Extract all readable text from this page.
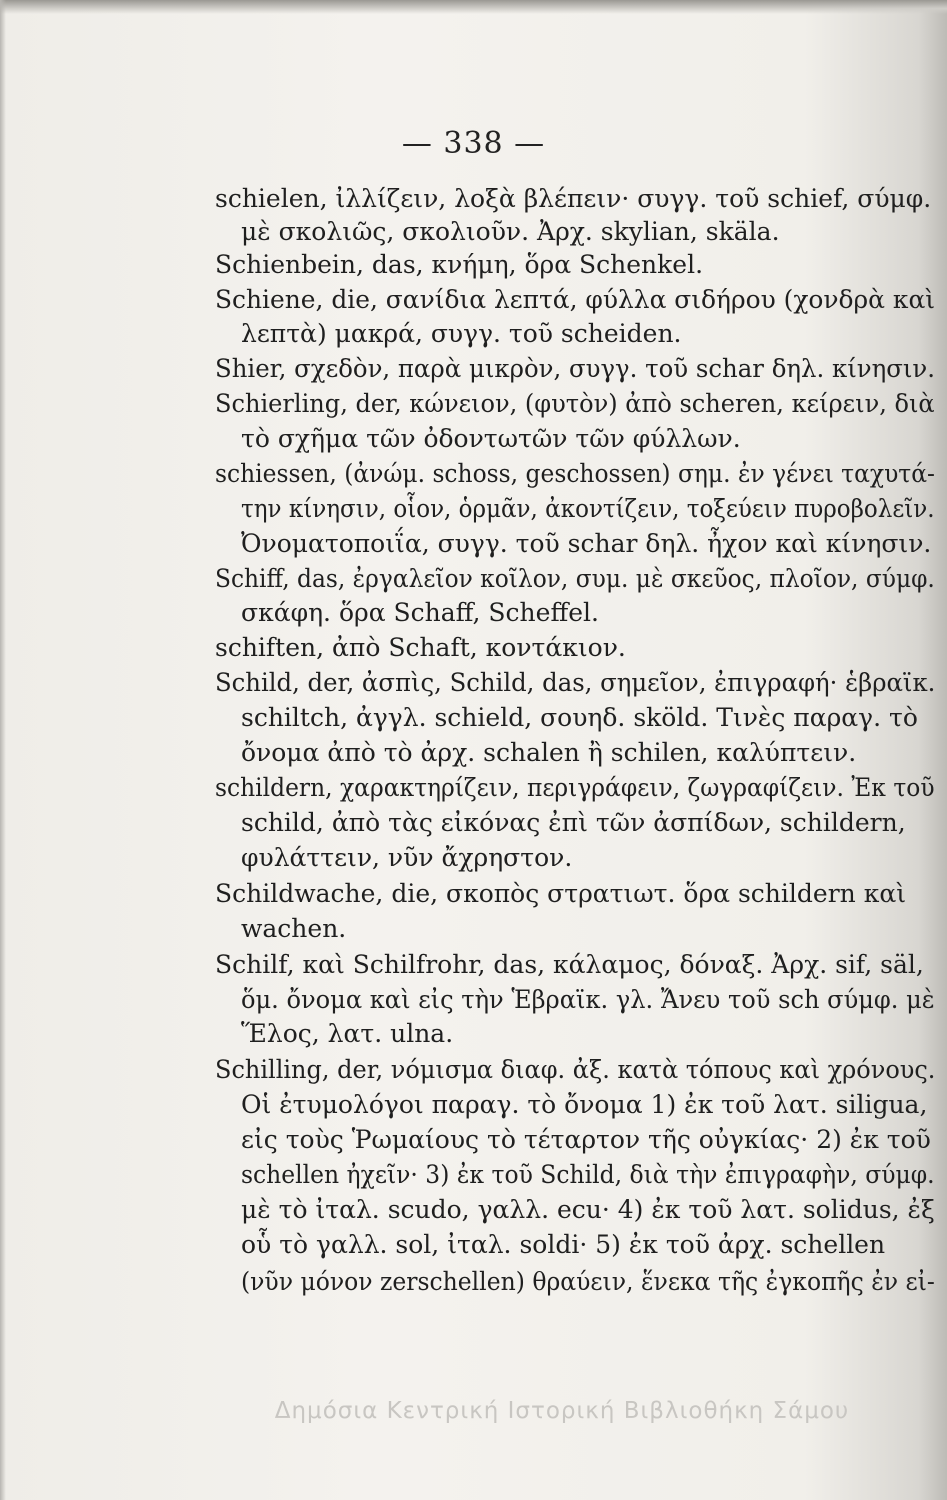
— 338 —
schielen, ἰλλίζειν, λοξὰ βλέπειν· συγγ. τοῦ schief, σύμφ.
μὲ σκολιῶς, σκολιοῦν. Ἀρχ. skylian, skäla.
Schienbein, das, κνήμη, ὅρα Schenkel.
Schiene, die, σανίδια λεπτά, φύλλα σιδήρου (χονδρὰ καὶ
λεπτὰ) μακρά, συγγ. τοῦ scheiden.
Shier, σχεδὸν, παρὰ μικρὸν, συγγ. τοῦ schar δηλ. κίνησιν.
Schierling, der, κώνειον, (φυτὸν) ἀπὸ scheren, κείρειν, διὰ
τὸ σχῆμα τῶν ὀδοντωτῶν τῶν φύλλων.
schiessen, (ἀνώμ. schoss, geschossen) σημ. ἐν γένει ταχυτά-
την κίνησιν, οἷον, ὁρμᾶν, ἀκοντίζειν, τοξεύειν πυροβολεῖν.
Ὀνοματοποιΐα, συγγ. τοῦ schar δηλ. ἦχον καὶ κίνησιν.
Schiff, das, ἐργαλεῖον κοῖλον, συμ. μὲ σκεῦος, πλοῖον, σύμφ.
σκάφη. ὅρα Schaff, Scheffel.
schiften, ἀπὸ Schaft, κοντάκιον.
Schild, der, ἀσπὶς, Schild, das, σημεῖον, ἐπιγραφή· ἑβραϊκ.
schiltch, ἀγγλ. schield, σουηδ. sköld. Τινὲς παραγ. τὸ
ὄνομα ἀπὸ τὸ ἀρχ. schalen ἢ schilen, καλύπτειν.
schildern, χαρακτηρίζειν, περιγράφειν, ζωγραφίζειν. Ἐκ τοῦ
schild, ἀπὸ τὰς εἰκόνας ἐπὶ τῶν ἀσπίδων, schildern,
φυλάττειν, νῦν ἄχρηστον.
Schildwache, die, σκοπὸς στρατιωτ. ὅρα schildern καὶ
wachen.
Schilf, καὶ Schilfrohr, das, κάλαμος, δόναξ. Ἀρχ. sif, säl,
ὅμ. ὄνομα καὶ εἰς τὴν Ἑβραϊκ. γλ. Ἄνευ τοῦ sch σύμφ. μὲ
Ἕλος, λατ. ulna.
Schilling, der, νόμισμα διαφ. ἀξ. κατὰ τόπους καὶ χρόνους.
Οἱ ἐτυμολόγοι παραγ. τὸ ὄνομα 1) ἐκ τοῦ λατ. siligua,
εἰς τοὺς Ῥωμαίους τὸ τέταρτον τῆς οὐγκίας· 2) ἐκ τοῦ
schellen ἠχεῖν· 3) ἐκ τοῦ Schild, διὰ τὴν ἐπιγραφὴν, σύμφ.
μὲ τὸ ἰταλ. scudo, γαλλ. ecu· 4) ἐκ τοῦ λατ. solidus, ἐξ
οὗ τὸ γαλλ. sol, ἰταλ. soldi· 5) ἐκ τοῦ ἀρχ. schellen
(νῦν μόνον zerschellen) θραύειν, ἕνεκα τῆς ἐγκοπῆς ἐν εἰ-
Δημόσια Κεντρική Ιστορική Βιβλιοθήκη Σάμου
